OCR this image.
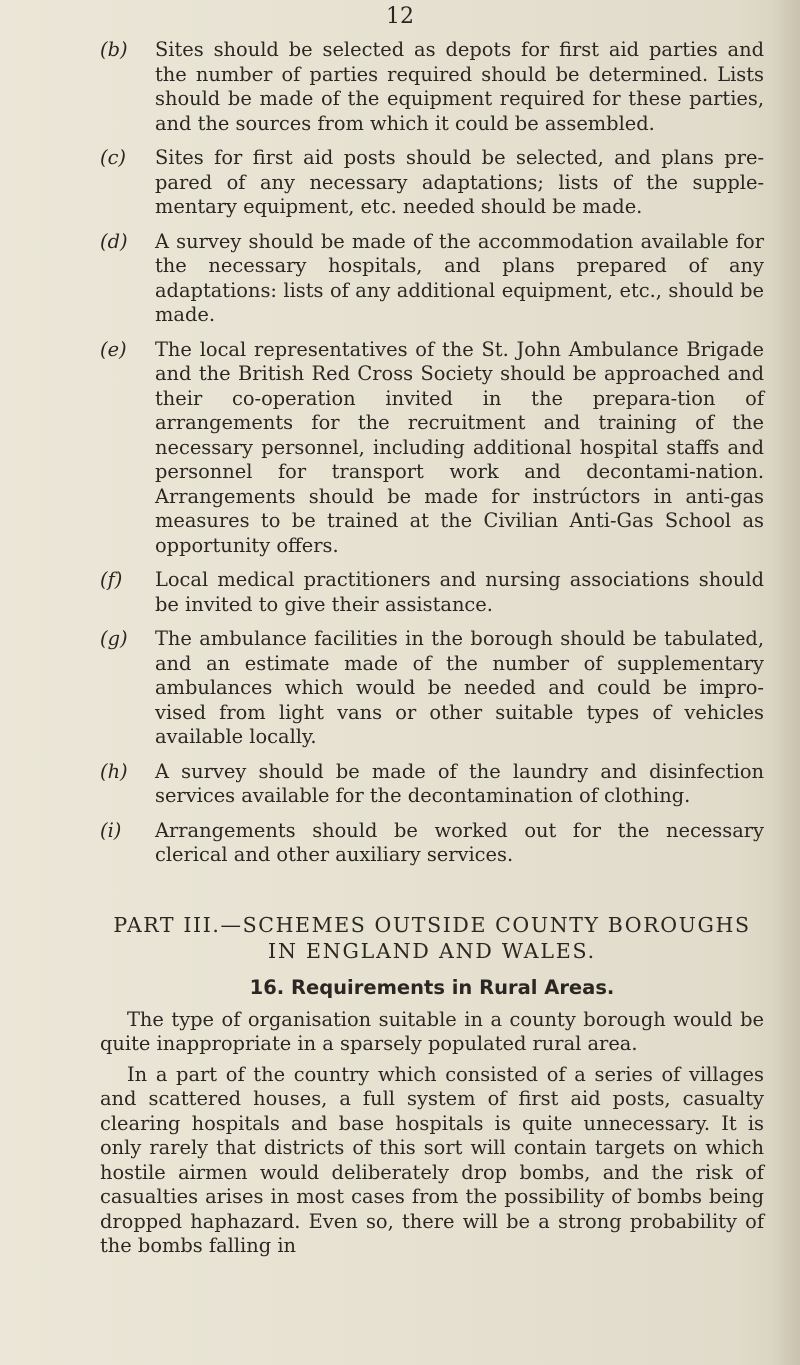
12
(b) Sites should be selected as depots for first aid parties and the number of parties required should be determined. Lists should be made of the equipment required for these parties, and the sources from which it could be assembled.
(c) Sites for first aid posts should be selected, and plans pre-pared of any necessary adaptations; lists of the supple-mentary equipment, etc. needed should be made.
(d) A survey should be made of the accommodation available for the necessary hospitals, and plans prepared of any adaptations: lists of any additional equipment, etc., should be made.
(e) The local representatives of the St. John Ambulance Brigade and the British Red Cross Society should be approached and their co-operation invited in the prepara-tion of arrangements for the recruitment and training of the necessary personnel, including additional hospital staffs and personnel for transport work and decontami-nation. Arrangements should be made for instrúctors in anti-gas measures to be trained at the Civilian Anti-Gas School as opportunity offers.
(f) Local medical practitioners and nursing associations should be invited to give their assistance.
(g) The ambulance facilities in the borough should be tabulated, and an estimate made of the number of supplementary ambulances which would be needed and could be impro-vised from light vans or other suitable types of vehicles available locally.
(h) A survey should be made of the laundry and disinfection services available for the decontamination of clothing.
(i) Arrangements should be worked out for the necessary clerical and other auxiliary services.
PART III.—SCHEMES OUTSIDE COUNTY BOROUGHS
IN ENGLAND AND WALES.
16. Requirements in Rural Areas.

The type of organisation suitable in a county borough would be quite inappropriate in a sparsely populated rural area.

In a part of the country which consisted of a series of villages and scattered houses, a full system of first aid posts, casualty clearing hospitals and base hospitals is quite unnecessary. It is only rarely that districts of this sort will contain targets on which hostile airmen would deliberately drop bombs, and the risk of casualties arises in most cases from the possibility of bombs being dropped haphazard. Even so, there will be a strong probability of the bombs falling in
